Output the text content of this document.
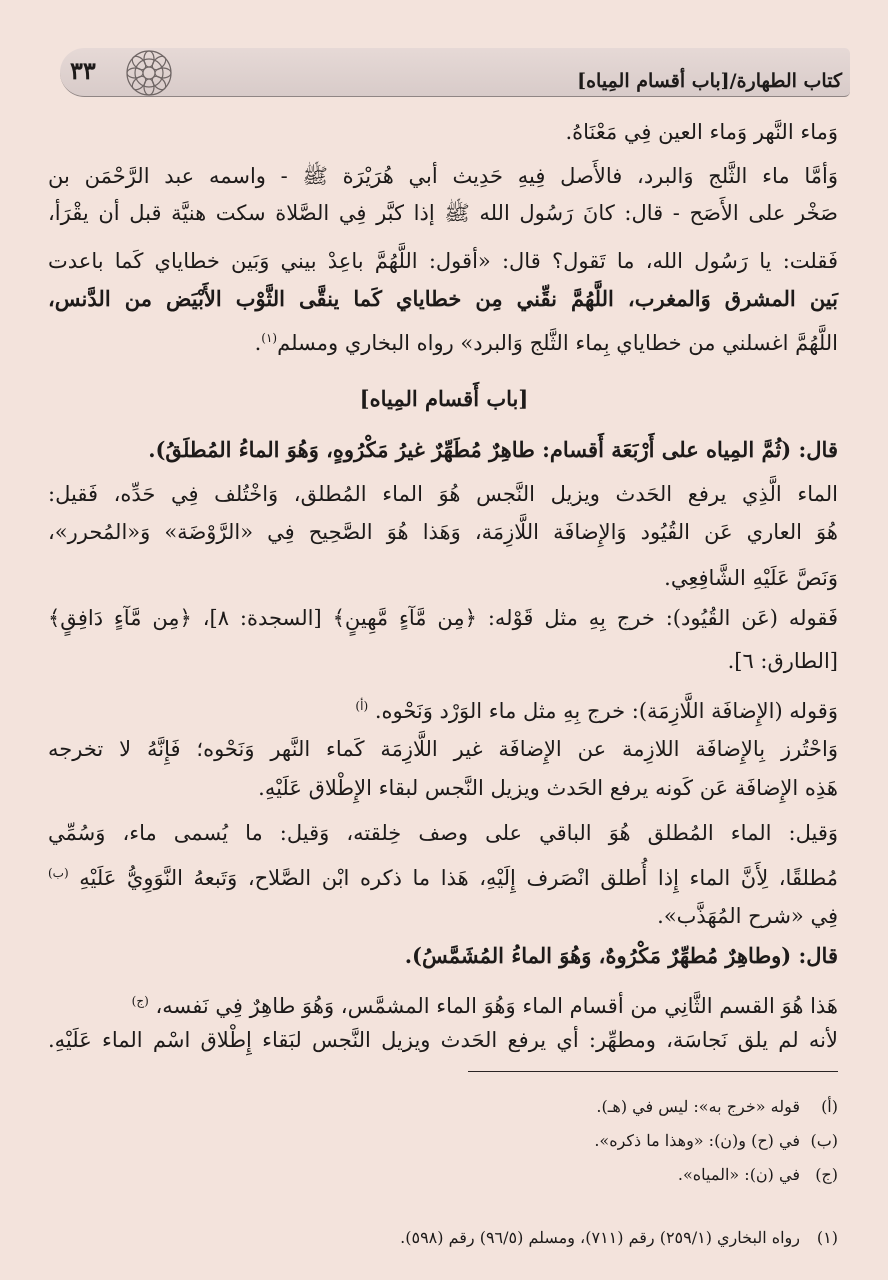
كتاب الطهارة/[باب أقسام المِياه]
٣٣
وَماء النَّهر وَماء العين فِي مَعْنَاهُ.
وَأمَّا ماء الثَّلج وَالبرد، فالأَصل فِيهِ حَدِيث أبي هُرَيْرَة ﷺ - واسمه عبد الرَّحْمَن بن
صَخْر على الأَصَح - قال: كانَ رَسُول الله ﷺ إذا كبَّر فِي الصَّلاة سكت هنيَّة قبل أن يقْرَأ،
فَقلت: يا رَسُول الله، ما تَقول؟ قال: «أقول: اللَّهُمَّ باعِدْ بيني وَبَين خطاياي كَما باعدت
بَين المشرق وَالمغرب، اللَّهُمَّ نقِّني مِن خطاياي كَما ينقَّى الثَّوْب الأَبْيَض من الدَّنس،
اللَّهُمَّ اغسلني من خطاياي بِماء الثَّلج وَالبرد» رواه البخاري ومسلم$^{(١)}$.
[باب أَقسام المِياه]
قال: (ثُمَّ المِياه على أَرْبَعَة أَقسام: طاهِرٌ مُطَهِّرٌ غيرُ مَكْرُوهٍ، وَهُوَ الماءُ المُطلَقُ).
الماء الَّذِي يرفع الحَدث ويزيل النَّجس هُوَ الماء المُطلق، وَاخْتُلف فِي حَدِّه، فَقيل:
هُوَ العاري عَن القُيُود وَالإِضافَة اللَّازِمَة، وَهَذا هُوَ الصَّحِيح فِي «الرَّوْضَة» وَ«المُحرر»،
وَنَصَّ عَلَيْهِ الشَّافِعِي.
فَقوله (عَن القُيُود): خرج بِهِ مثل قَوْله: ﴿مِن مَّآءٍ مَّهِينٍ﴾ [السجدة: ٨]، ﴿مِن مَّآءٍ دَافِقٍ﴾
[الطارق: ٦].
وَقوله (الإِضافَة اللَّازِمَة): خرج بِهِ مثل ماء الوَرْد وَنَحْوه. $^{(أ)}$
وَاحْتُرز بِالإِضافَة اللازِمة عن الإِضافَة غير اللَّازِمَة كَماء النَّهر وَنَحْوه؛ فَإِنَّهُ لا تخرجه
هَذِه الإِضافَة عَن كَونه يرفع الحَدث ويزيل النَّجس لبقاء الإِطْلاق عَلَيْهِ.
وَقيل: الماء المُطلق هُوَ الباقي على وصف خِلقته، وَقيل: ما يُسمى ماء، وَسُمِّي
مُطلقًا، لِأَنَّ الماء إِذا أُطلق انْصَرف إِلَيْهِ، هَذا ما ذكره ابْن الصَّلاح، وَتَبعهُ النَّوَوِيُّ عَلَيْهِ $^{(ب)}$
فِي «شرح المُهَذَّب».
قال: (وطاهِرٌ مُطهِّرٌ مَكْرُوهٌ، وَهُوَ الماءُ المُشَمَّسُ).
هَذا هُوَ القسم الثَّانِي من أقسام الماء وَهُوَ الماء المشمَّس، وَهُوَ طاهِرٌ فِي نَفسه، $^{(ج)}$
لأنه لم يلق نَجاسَة، ومطهِّر: أي يرفع الحَدث ويزيل النَّجس لبَقاء إِطْلاق اسْم الماء عَلَيْهِ.
(أ)قوله «خرج به»: ليس في (هـ).
(ب)في (ح) و(ن): «وهذا ما ذكره».
(ج)في (ن): «المياه».
(١)رواه البخاري (٢٥٩/١) رقم (٧١١)، ومسلم (٩٦/٥) رقم (٥٩٨).
